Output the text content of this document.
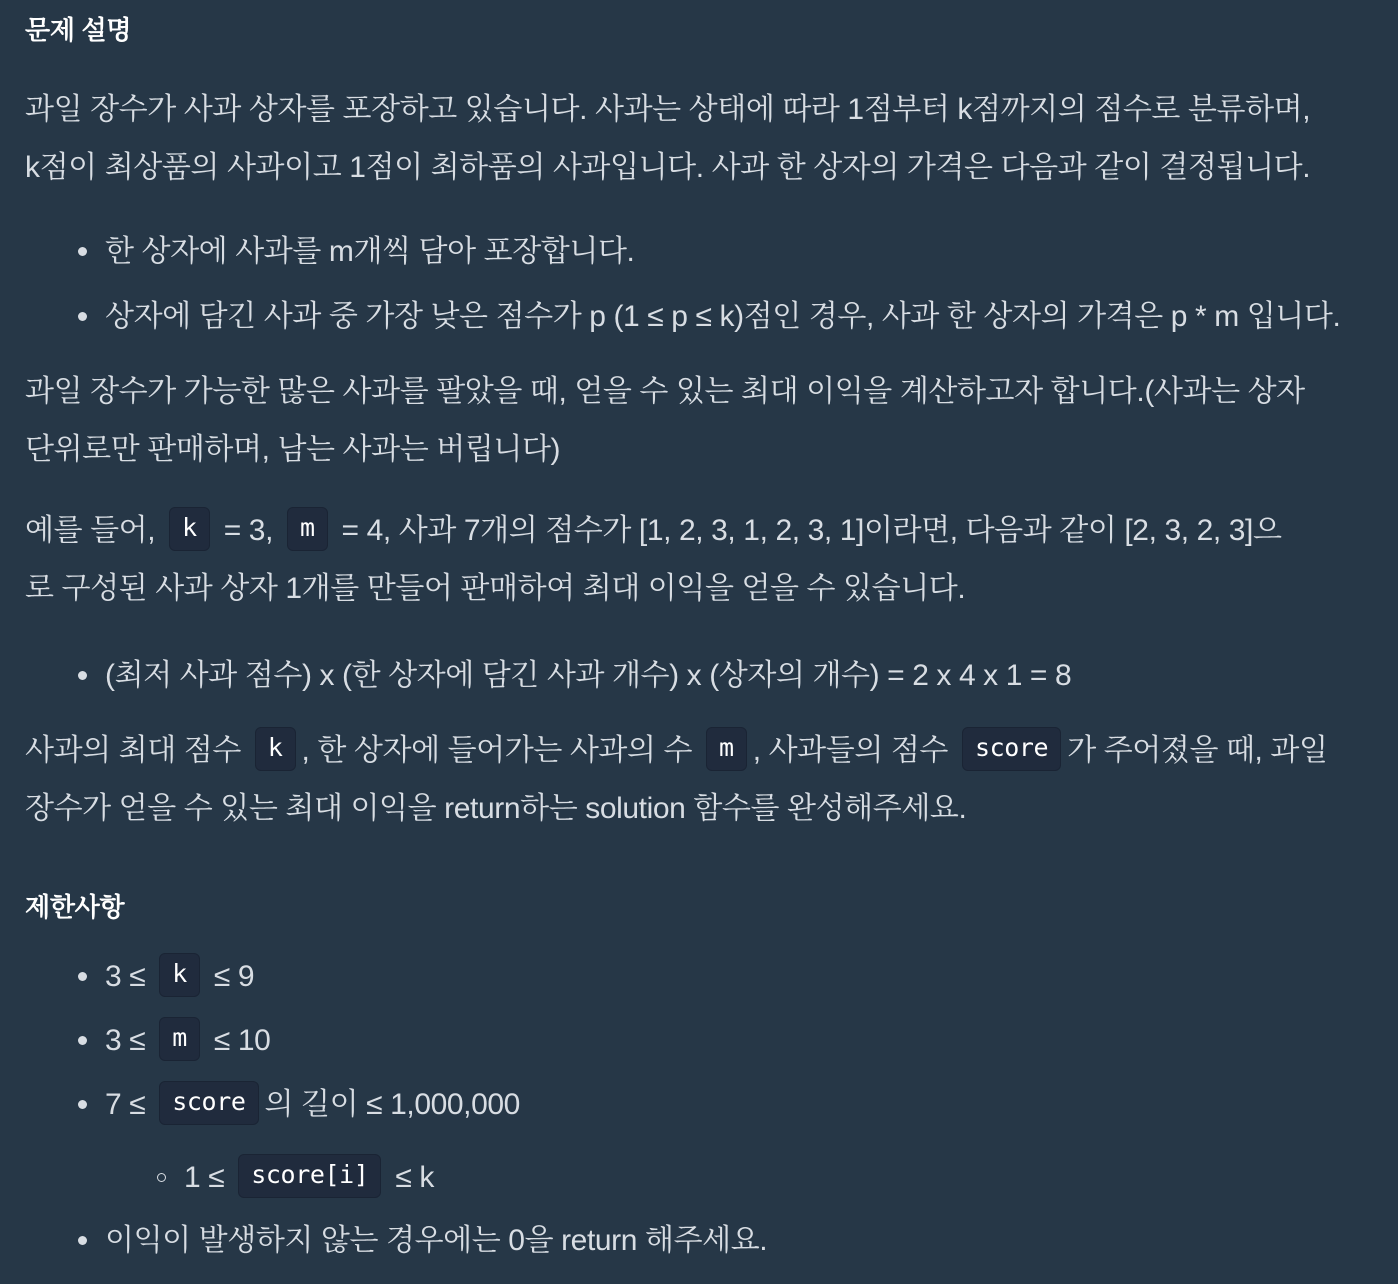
문제 설명

과일 장수가 사과 상자를 포장하고 있습니다. 사과는 상태에 따라 1점부터 k점까지의 점수로 분류하며,
k점이 최상품의 사과이고 1점이 최하품의 사과입니다. 사과 한 상자의 가격은 다음과 같이 결정됩니다.

한 상자에 사과를 m개씩 담아 포장합니다.

상자에 담긴 사과 중 가장 낮은 점수가 p (1 ≤ p ≤ k)점인 경우, 사과 한 상자의 가격은 p * m 입니다.

과일 장수가 가능한 많은 사과를 팔았을 때, 얻을 수 있는 최대 이익을 계산하고자 합니다.(사과는 상자
단위로만 판매하며, 남는 사과는 버립니다)

예를 들어, k = 3, m = 4, 사과 7개의 점수가 [1, 2, 3, 1, 2, 3, 1]이라면, 다음과 같이 [2, 3, 2, 3]으
로 구성된 사과 상자 1개를 만들어 판매하여 최대 이익을 얻을 수 있습니다.

(최저 사과 점수) x (한 상자에 담긴 사과 개수) x (상자의 개수) = 2 x 4 x 1 = 8

사과의 최대 점수 k , 한 상자에 들어가는 사과의 수 m , 사과들의 점수 score 가 주어졌을 때, 과일
장수가 얻을 수 있는 최대 이익을 return하는 solution 함수를 완성해주세요.

제한사항

3 ≤ k ≤ 9

3 ≤ m ≤ 10

7 ≤ score 의 길이 ≤ 1,000,000

1 ≤ score[i] ≤ k

이익이 발생하지 않는 경우에는 0을 return 해주세요.
